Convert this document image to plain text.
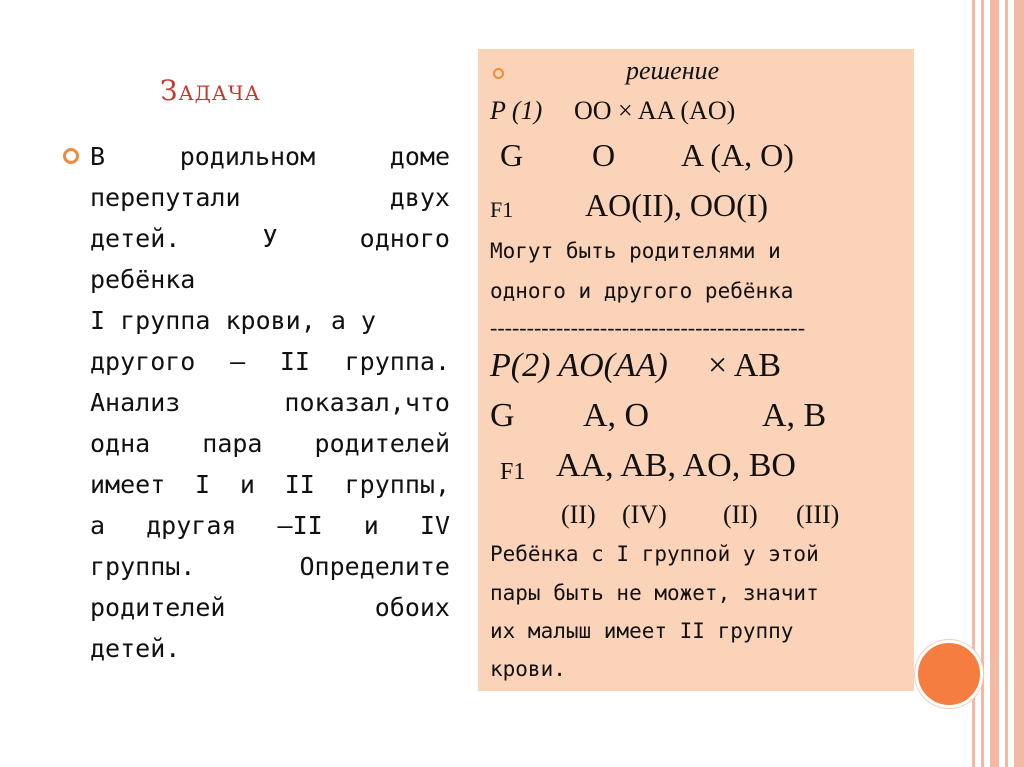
Задача
В родильном доме
перепутали двух
детей. У одного
ребёнка
I группа крови, а у
другого – II группа.
Анализ показал,что
одна пара родителей
имеет I и II группы,
а другая –II и IV
группы. Определите
родителей обоих
детей.
решение
P (1) OO × AA (AO)
G O A (A, O)
F1 AO(II), OO(I)
Могут быть родителями и
одного и другого ребёнка
-------------------------------------------
P(2) AO(AA) × AB
G A, O	A, B
F1 AA, AB, AO, BO
(II) (IV) (II) (III)
Ребёнка с I группой у этой
пары быть не может, значит
их малыш имеет II группу
крови.
